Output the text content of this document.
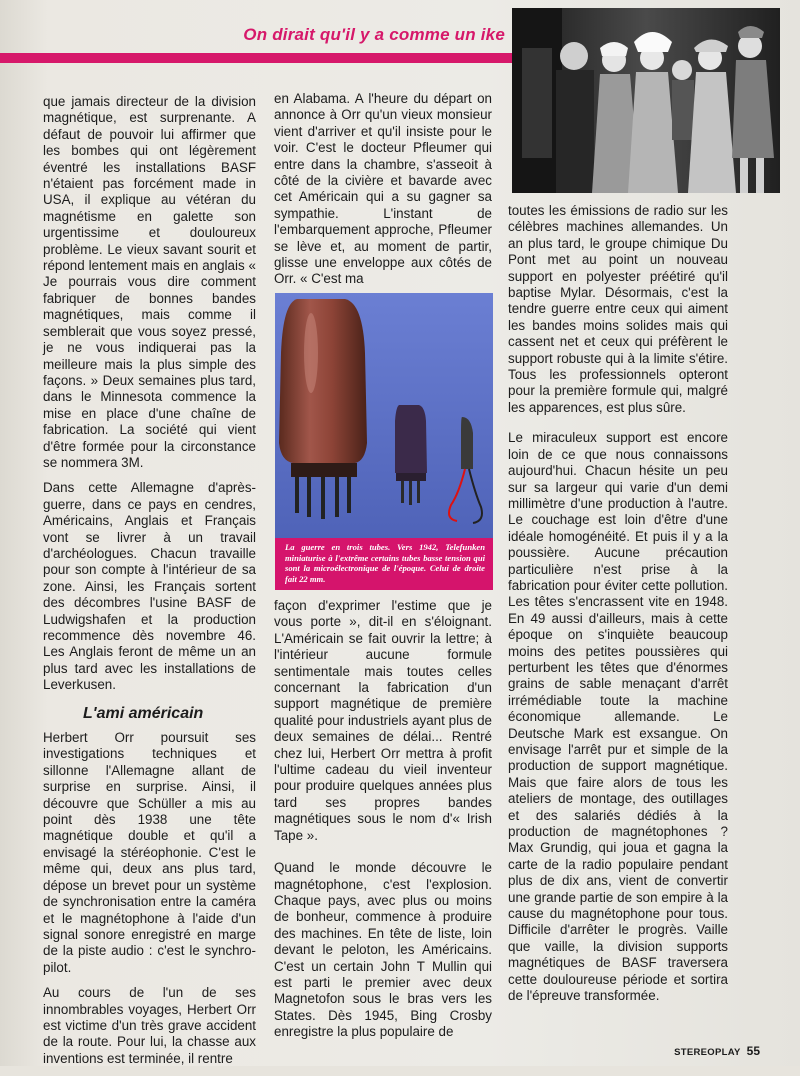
On dirait qu'il y a comme un ike

que jamais directeur de la division magnétique, est surprenante. A défaut de pouvoir lui affirmer que les bombes qui ont légèrement éventré les installations BASF n'étaient pas forcément made in USA, il explique au vétéran du magnétisme en galette son urgentissime et douloureux problème. Le vieux savant sourit et répond lentement mais en anglais « Je pourrais vous dire comment fabriquer de bonnes bandes magnétiques, mais comme il semblerait que vous soyez pressé, je ne vous indiquerai pas la meilleure mais la plus simple des façons. » Deux semaines plus tard, dans le Minnesota commence la mise en place d'une chaîne de fabrication. La société qui vient d'être formée pour la circonstance se nommera 3M.

Dans cette Allemagne d'après-guerre, dans ce pays en cendres, Américains, Anglais et Français vont se livrer à un travail d'archéologues. Chacun travaille pour son compte à l'intérieur de sa zone. Ainsi, les Français sortent des décombres l'usine BASF de Ludwigshafen et la production recommence dès novembre 46. Les Anglais feront de même un an plus tard avec les installations de Leverkusen.

L'ami américain

Herbert Orr poursuit ses investigations techniques et sillonne l'Allemagne allant de surprise en surprise. Ainsi, il découvre que Schüller a mis au point dès 1938 une tête magnétique double et qu'il a envisagé la stéréophonie. C'est le même qui, deux ans plus tard, dépose un brevet pour un système de synchronisation entre la caméra et le magnétophone à l'aide d'un signal sonore enregistré en marge de la piste audio : c'est le synchro-pilot.

Au cours de l'un de ses innombrables voyages, Herbert Orr est victime d'un très grave accident de la route. Pour lui, la chasse aux inventions est terminée, il rentre

en Alabama. A l'heure du départ on annonce à Orr qu'un vieux monsieur vient d'arriver et qu'il insiste pour le voir. C'est le docteur Pfleumer qui entre dans la chambre, s'asseoit à côté de la civière et bavarde avec cet Américain qui a su gagner sa sympathie. L'instant de l'embarquement approche, Pfleumer se lève et, au moment de partir, glisse une enveloppe aux côtés de Orr. « C'est ma

La guerre en trois tubes. Vers 1942, Telefunken miniaturise à l'extrême certains tubes basse tension qui sont la microélectronique de l'époque. Celui de droite fait 22 mm.

façon d'exprimer l'estime que je vous porte », dit-il en s'éloignant. L'Américain se fait ouvrir la lettre; à l'intérieur aucune formule sentimentale mais toutes celles concernant la fabrication d'un support magnétique de première qualité pour industriels ayant plus de deux semaines de délai... Rentré chez lui, Herbert Orr mettra à profit l'ultime cadeau du vieil inventeur pour produire quelques années plus tard ses propres bandes magnétiques sous le nom d'« Irish Tape ».

Quand le monde découvre le magnétophone, c'est l'explosion. Chaque pays, avec plus ou moins de bonheur, commence à produire des machines. En tête de liste, loin devant le peloton, les Américains. C'est un certain John T Mullin qui est parti le premier avec deux Magnetofon sous le bras vers les States. Dès 1945, Bing Crosby enregistre la plus populaire de

toutes les émissions de radio sur les célèbres machines allemandes. Un an plus tard, le groupe chimique Du Pont met au point un nouveau support en polyester préétiré qu'il baptise Mylar. Désormais, c'est la tendre guerre entre ceux qui aiment les bandes moins solides mais qui cassent net et ceux qui préfèrent le support robuste qui à la limite s'étire. Tous les professionnels opteront pour la première formule qui, malgré les apparences, est plus sûre.

Le miraculeux support est encore loin de ce que nous connaissons aujourd'hui. Chacun hésite un peu sur sa largeur qui varie d'un demi millimètre d'une production à l'autre. Le couchage est loin d'être d'une idéale homogénéité. Et puis il y a la poussière. Aucune précaution particulière n'est prise à la fabrication pour éviter cette pollution. Les têtes s'encrassent vite en 1948. En 49 aussi d'ailleurs, mais à cette époque on s'inquiète beaucoup moins des petites poussières qui perturbent les têtes que d'énormes grains de sable menaçant d'arrêt irrémédiable toute la machine économique allemande. Le Deutsche Mark est exsangue. On envisage l'arrêt pur et simple de la production de support magnétique. Mais que faire alors de tous les ateliers de montage, des outillages et des salariés dédiés à la production de magnétophones ? Max Grundig, qui joua et gagna la carte de la radio populaire pendant plus de dix ans, vient de convertir une grande partie de son empire à la cause du magnétophone pour tous. Difficile d'arrêter le progrès. Vaille que vaille, la division supports magnétiques de BASF traversera cette douloureuse période et sortira de l'épreuve transformée.

STEREOPLAY 55
